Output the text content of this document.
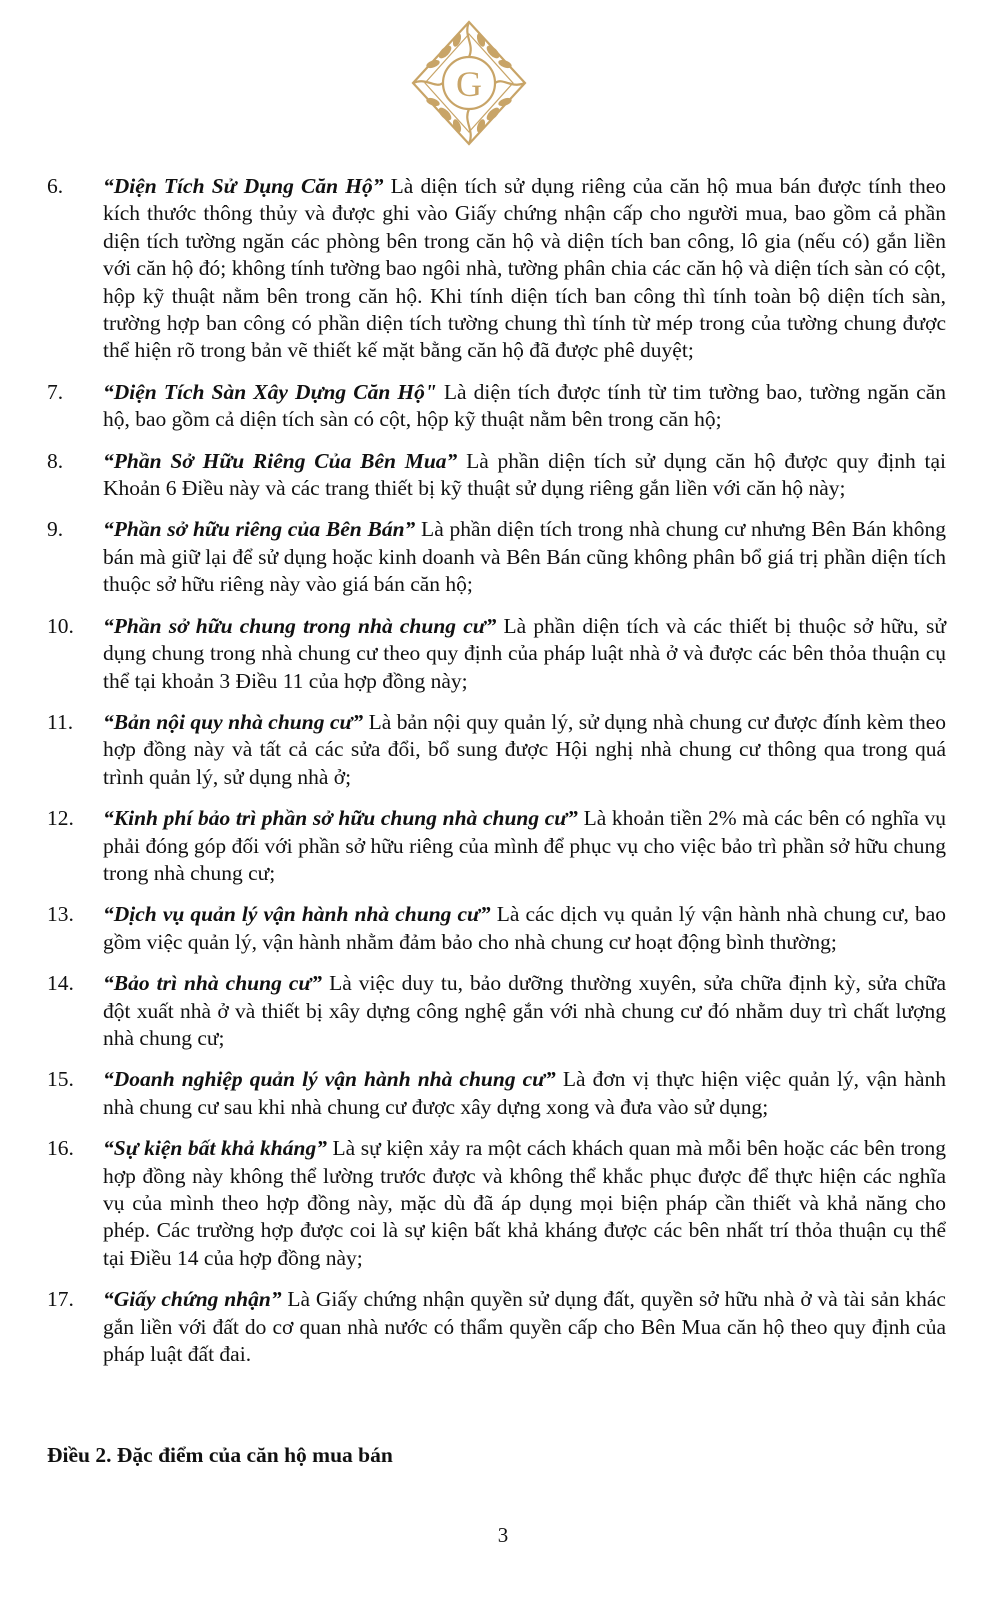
G
6. “Diện Tích Sử Dụng Căn Hộ” Là diện tích sử dụng riêng của căn hộ mua bán được tính theo kích thước thông thủy và được ghi vào Giấy chứng nhận cấp cho người mua, bao gồm cả phần diện tích tường ngăn các phòng bên trong căn hộ và diện tích ban công, lô gia (nếu có) gắn liền với căn hộ đó; không tính tường bao ngôi nhà, tường phân chia các căn hộ và diện tích sàn có cột, hộp kỹ thuật nằm bên trong căn hộ. Khi tính diện tích ban công thì tính toàn bộ diện tích sàn, trường hợp ban công có phần diện tích tường chung thì tính từ mép trong của tường chung được thể hiện rõ trong bản vẽ thiết kế mặt bằng căn hộ đã được phê duyệt;
7. “Diện Tích Sàn Xây Dựng Căn Hộ" Là diện tích được tính từ tim tường bao, tường ngăn căn hộ, bao gồm cả diện tích sàn có cột, hộp kỹ thuật nằm bên trong căn hộ;
8. “Phần Sở Hữu Riêng Của Bên Mua” Là phần diện tích sử dụng căn hộ được quy định tại Khoản 6 Điều này và các trang thiết bị kỹ thuật sử dụng riêng gắn liền với căn hộ này;
9. “Phần sở hữu riêng của Bên Bán” Là phần diện tích trong nhà chung cư nhưng Bên Bán không bán mà giữ lại để sử dụng hoặc kinh doanh và Bên Bán cũng không phân bổ giá trị phần diện tích thuộc sở hữu riêng này vào giá bán căn hộ;
10. “Phần sở hữu chung trong nhà chung cư” Là phần diện tích và các thiết bị thuộc sở hữu, sử dụng chung trong nhà chung cư theo quy định của pháp luật nhà ở và được các bên thỏa thuận cụ thể tại khoản 3 Điều 11 của hợp đồng này;
11. “Bản nội quy nhà chung cư” Là bản nội quy quản lý, sử dụng nhà chung cư được đính kèm theo hợp đồng này và tất cả các sửa đổi, bổ sung được Hội nghị nhà chung cư thông qua trong quá trình quản lý, sử dụng nhà ở;
12. “Kinh phí bảo trì phần sở hữu chung nhà chung cư” Là khoản tiền 2% mà các bên có nghĩa vụ phải đóng góp đối với phần sở hữu riêng của mình để phục vụ cho việc bảo trì phần sở hữu chung trong nhà chung cư;
13. “Dịch vụ quản lý vận hành nhà chung cư” Là các dịch vụ quản lý vận hành nhà chung cư, bao gồm việc quản lý, vận hành nhằm đảm bảo cho nhà chung cư hoạt động bình thường;
14. “Bảo trì nhà chung cư” Là việc duy tu, bảo dưỡng thường xuyên, sửa chữa định kỳ, sửa chữa đột xuất nhà ở và thiết bị xây dựng công nghệ gắn với nhà chung cư đó nhằm duy trì chất lượng nhà chung cư;
15. “Doanh nghiệp quản lý vận hành nhà chung cư” Là đơn vị thực hiện việc quản lý, vận hành nhà chung cư sau khi nhà chung cư được xây dựng xong và đưa vào sử dụng;
16. “Sự kiện bất khả kháng” Là sự kiện xảy ra một cách khách quan mà mỗi bên hoặc các bên trong hợp đồng này không thể lường trước được và không thể khắc phục được để thực hiện các nghĩa vụ của mình theo hợp đồng này, mặc dù đã áp dụng mọi biện pháp cần thiết và khả năng cho phép. Các trường hợp được coi là sự kiện bất khả kháng được các bên nhất trí thỏa thuận cụ thể tại Điều 14 của hợp đồng này;
17. “Giấy chứng nhận” Là Giấy chứng nhận quyền sử dụng đất, quyền sở hữu nhà ở và tài sản khác gắn liền với đất do cơ quan nhà nước có thẩm quyền cấp cho Bên Mua căn hộ theo quy định của pháp luật đất đai.
Điều 2. Đặc điểm của căn hộ mua bán
3
